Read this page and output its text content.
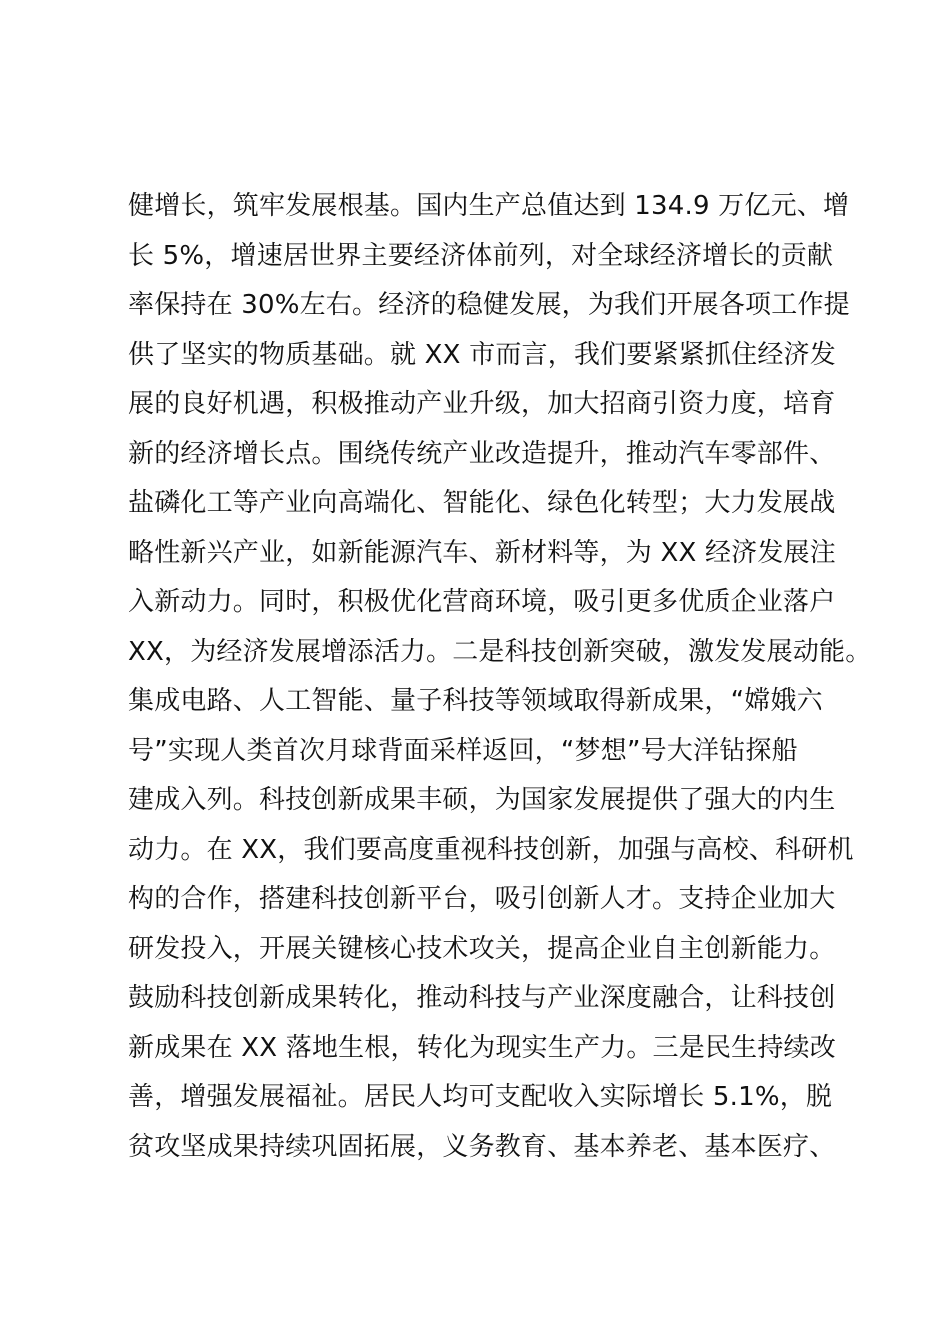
健增长，筑牢发展根基。国内生产总值达到 134.9 万亿元、增
长 5%，增速居世界主要经济体前列，对全球经济增长的贡献
率保持在 30%左右。经济的稳健发展，为我们开展各项工作提
供了坚实的物质基础。就 XX 市而言，我们要紧紧抓住经济发
展的良好机遇，积极推动产业升级，加大招商引资力度，培育
新的经济增长点。围绕传统产业改造提升，推动汽车零部件、
盐磷化工等产业向高端化、智能化、绿色化转型；大力发展战
略性新兴产业，如新能源汽车、新材料等，为 XX 经济发展注
入新动力。同时，积极优化营商环境，吸引更多优质企业落户
XX，为经济发展增添活力。二是科技创新突破，激发发展动能。
集成电路、人工智能、量子科技等领域取得新成果，“嫦娥六
号”实现人类首次月球背面采样返回，“梦想”号大洋钻探船
建成入列。科技创新成果丰硕，为国家发展提供了强大的内生
动力。在 XX，我们要高度重视科技创新，加强与高校、科研机
构的合作，搭建科技创新平台，吸引创新人才。支持企业加大
研发投入，开展关键核心技术攻关，提高企业自主创新能力。
鼓励科技创新成果转化，推动科技与产业深度融合，让科技创
新成果在 XX 落地生根，转化为现实生产力。三是民生持续改
善，增强发展福祉。居民人均可支配收入实际增长 5.1%，脱
贫攻坚成果持续巩固拓展，义务教育、基本养老、基本医疗、
